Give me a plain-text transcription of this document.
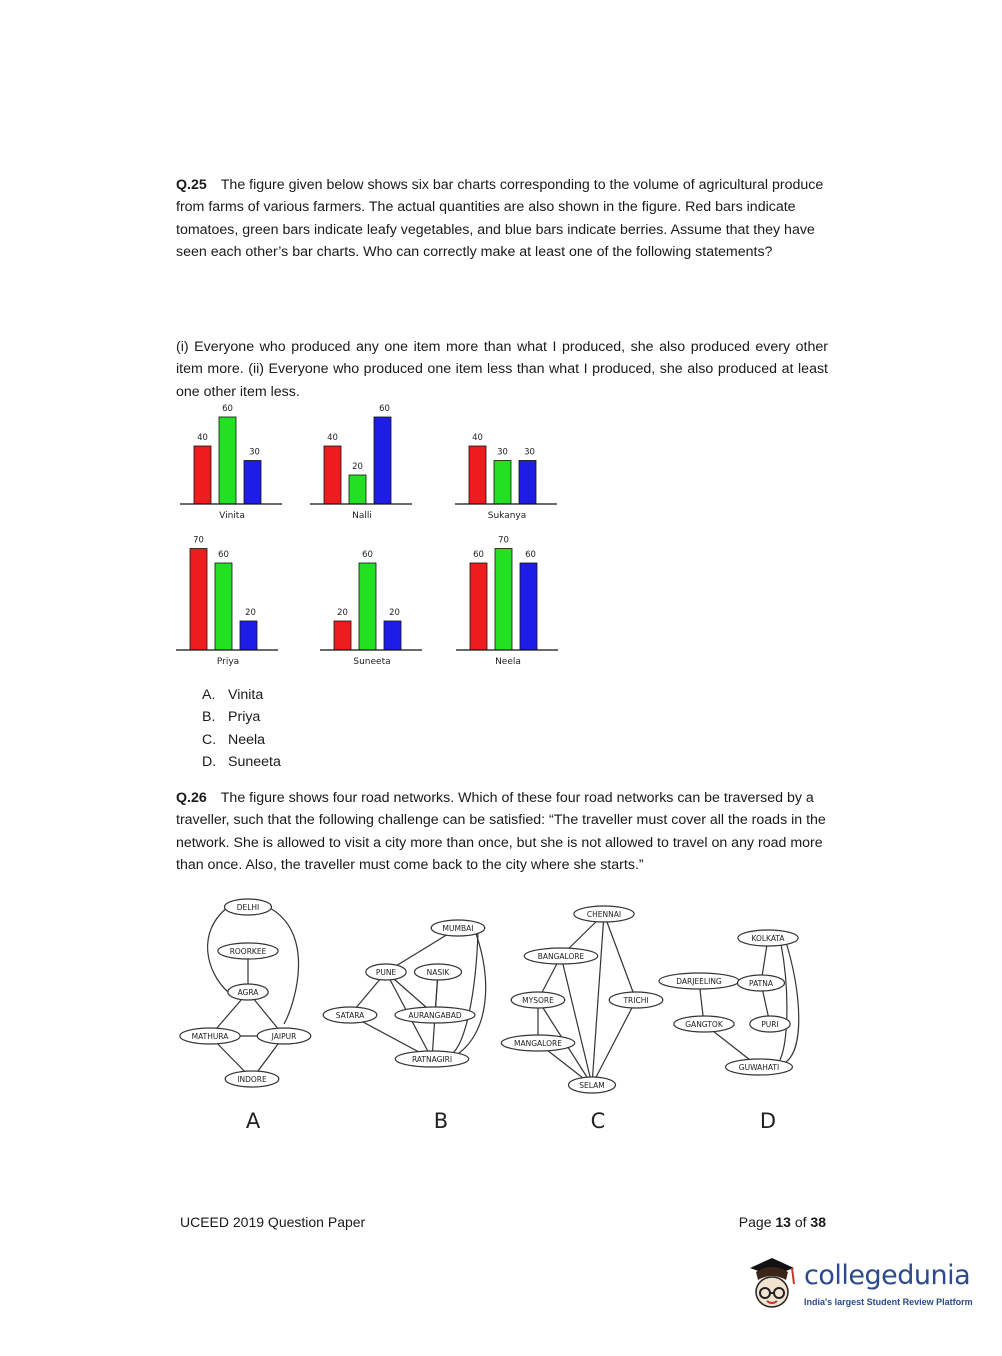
Q.25 The figure given below shows six bar charts corresponding to the volume of agricultural produce from farms of various farmers. The actual quantities are also shown in the figure. Red bars indicate tomatoes, green bars indicate leafy vegetables, and blue bars indicate berries. Assume that they have seen each other’s bar charts. Who can correctly make at least one of the following statements?

(i) Everyone who produced any one item more than what I produced, she also produced every other item more. (ii) Everyone who produced one item less than what I produced, she also produced at least one other item less.

40
60
30
Vinita
40
20
60
Nalli
40
30 30
Sukanya
70
60
20
Priya
20
60
20
Suneeta
60
70
60
Neela
A. Vinita
B. Priya
C. Neela
D. Suneeta

Q.26 The figure shows four road networks. Which of these four road networks can be traversed by a traveller, such that the following challenge can be satisfied: “The traveller must cover all the roads in the network. She is allowed to visit a city more than once, but she is not allowed to travel on any road more than once. Also, the traveller must come back to the city where she starts.”

DELHI
ROORKEE
AGRA
MATHURA	JAIPUR
INDORE
A
MUMBAI
PUNE	NASIK
SATARA	AURANGABAD
RATNAGIRI
B
CHENNAI
BANGALORE
MYSORE	TRICHI
MANGALORE
SELAM
C
KOLKATA
DARJEELING	PATNA
GANGTOK	PURI
GUWAHATI
D
UCEED 2019 Question Paper	Page 13 of 38
collegedunia
India's largest Student Review Platform
